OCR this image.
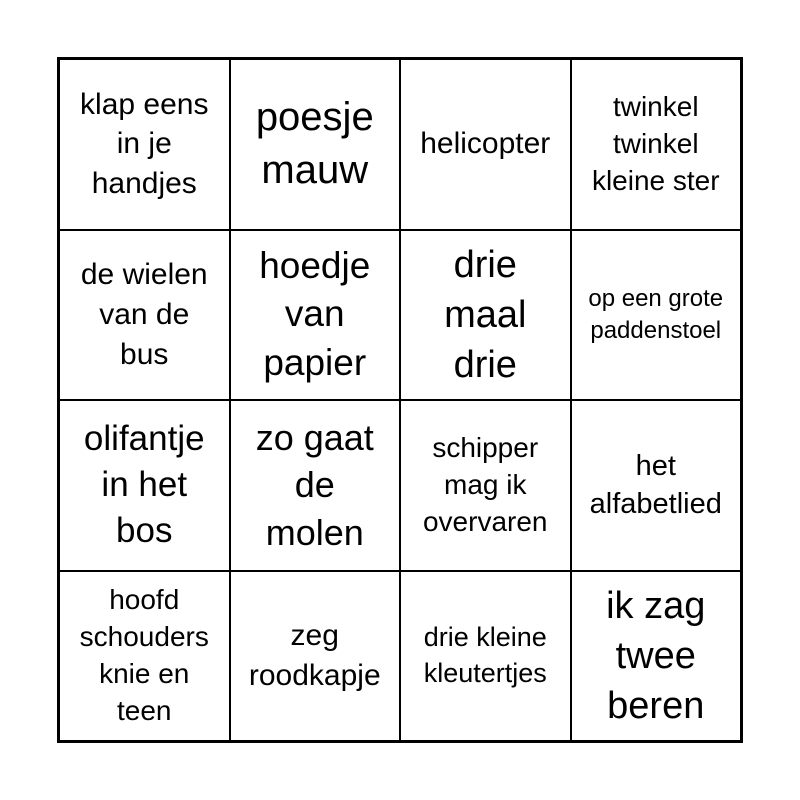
klap eens
in je
handjes
poesje
mauw
helicopter
twinkel
twinkel
kleine ster
de wielen
van de
bus
hoedje
van
papier
drie
maal
drie
op een grote
paddenstoel
olifantje
in het
bos
zo gaat
de
molen
schipper
mag ik
overvaren
het
alfabetlied
hoofd
schouders
knie en
teen
zeg
roodkapje
drie kleine
kleutertjes
ik zag
twee
beren
